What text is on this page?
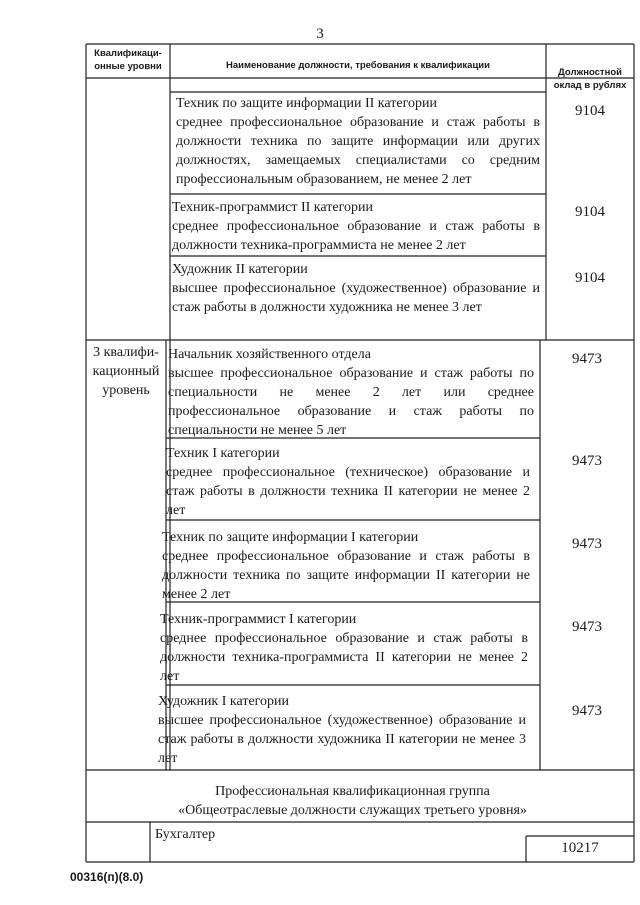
3
Квалификаци-онные уровни	Наименование должности, требования к квалификации
Должностной оклад в рублях
Техник по защите информации II категории
среднее профессиональное образование и стаж работы в должности техника по защите информации или других должностях, замещаемых специалистами со средним профессиональным образованием, не менее 2 лет
9104
Техник-программист II категории
среднее профессиональное образование и стаж работы в должности техника-программиста не менее 2 лет
9104
Художник II категории
высшее профессиональное (художественное) образование и стаж работы в должности художника не менее 3 лет
9104
3 квалифи-кационный уровень
Начальник хозяйственного отдела
высшее профессиональное образование и стаж работы по специальности не менее 2 лет или среднее профессиональное образование и стаж работы по специальности не менее 5 лет
9473
Техник I категории
среднее профессиональное (техническое) образование и стаж работы в должности техника II категории не менее 2 лет
9473
Техник по защите информации I категории
среднее профессиональное образование и стаж работы в должности техника по защите информации II категории не менее 2 лет
9473
Техник-программист I категории
среднее профессиональное образование и стаж работы в должности техника-программиста II категории не менее 2 лет
9473
Художник I категории
высшее профессиональное (художественное) образование и стаж работы в должности художника II категории не менее 3 лет
9473
Профессиональная квалификационная группа
«Общеотраслевые должности служащих третьего уровня»
Бухгалтер
10217
00316(п)(8.0)
